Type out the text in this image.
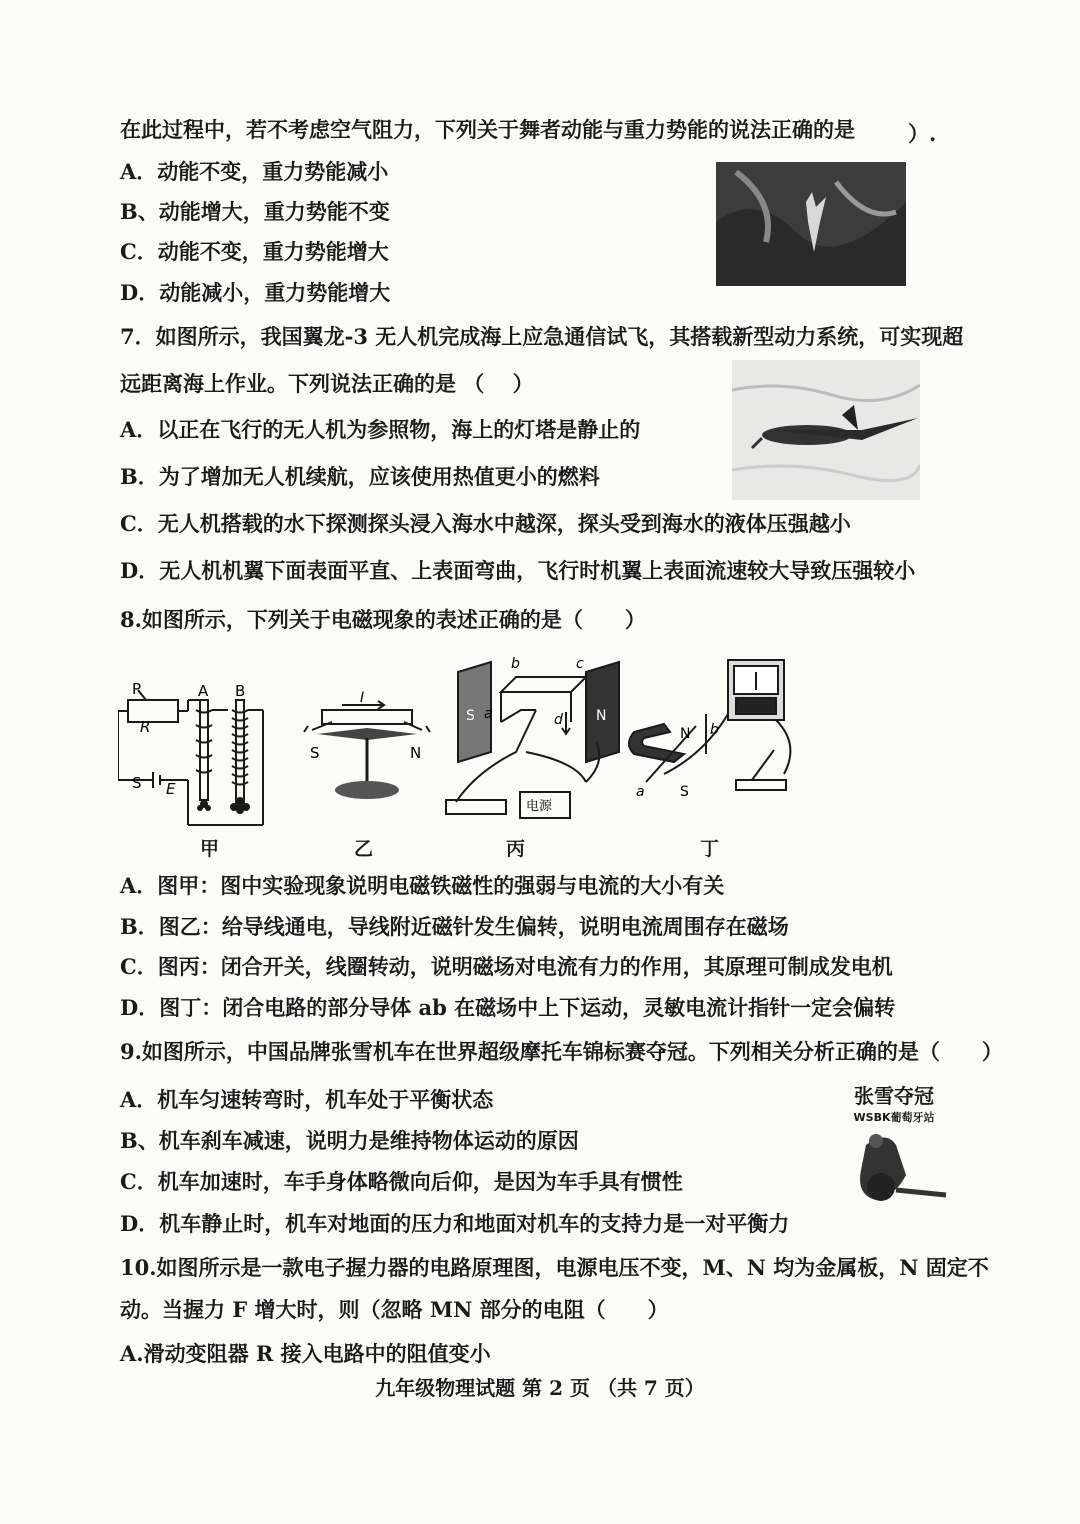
在此过程中，若不考虑空气阻力，下列关于舞者动能与重力势能的说法正确的是	）.
A．动能不变，重力势能减小
B、动能增大，重力势能不变
C．动能不变，重力势能增大
D．动能减小，重力势能增大
7．如图所示，我国翼龙-3 无人机完成海上应急通信试飞，其搭载新型动力系统，可实现超
远距离海上作业。下列说法正确的是 （　 ）
A．以正在飞行的无人机为参照物，海上的灯塔是静止的
B．为了增加无人机续航，应该使用热值更小的燃料
C．无人机搭载的水下探测探头浸入海水中越深，探头受到海水的液体压强越小
D．无人机机翼下面表面平直、上表面弯曲，飞行时机翼上表面流速较大导致压强较小
8.如图所示，下列关于电磁现象的表述正确的是（　　）
P
R
A B
S E
甲
I
S	N
乙
b	c
a	d
S	N
电源
丙
N b
a	S
丁
A．图甲：图中实验现象说明电磁铁磁性的强弱与电流的大小有关
B．图乙：给导线通电，导线附近磁针发生偏转，说明电流周围存在磁场
C．图丙：闭合开关，线圈转动，说明磁场对电流有力的作用，其原理可制成发电机
D．图丁：闭合电路的部分导体 ab 在磁场中上下运动，灵敏电流计指针一定会偏转
9.如图所示，中国品牌张雪机车在世界超级摩托车锦标赛夺冠。下列相关分析正确的是（　　）
A．机车匀速转弯时，机车处于平衡状态
B、机车刹车减速，说明力是维持物体运动的原因
C．机车加速时，车手身体略微向后仰，是因为车手具有惯性
D．机车静止时，机车对地面的压力和地面对机车的支持力是一对平衡力
张雪夺冠
WSBK葡萄牙站
10.如图所示是一款电子握力器的电路原理图，电源电压不变，M、N 均为金属板，N 固定不
动。当握力 F 增大时，则（忽略 MN 部分的电阻（　　）
A.滑动变阻器 R 接入电路中的阻值变小
九年级物理试题 第 2 页 （共 7 页）
